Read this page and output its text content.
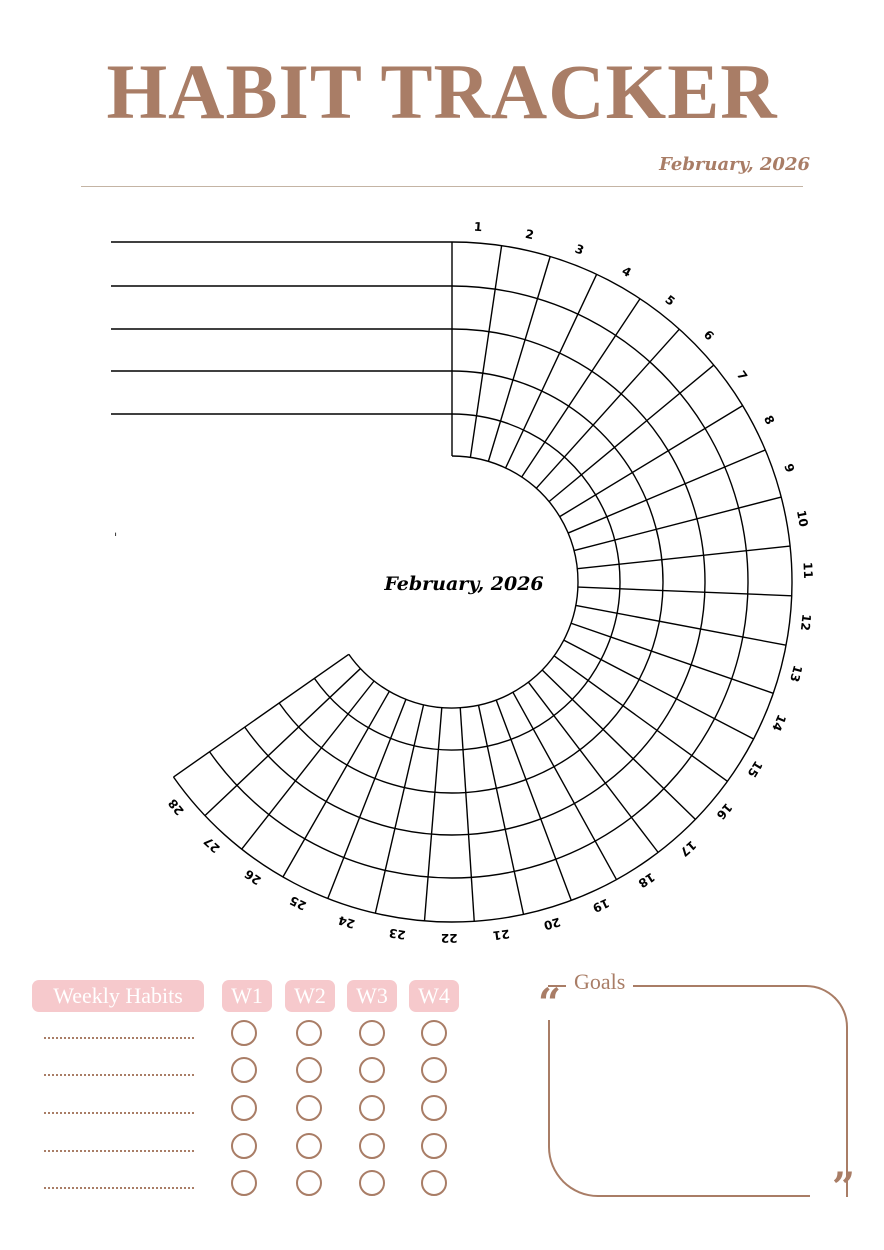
HABIT TRACKER
February, 2026
1	2
3
4
5
6
7
8
9
10
11
12
13
14
15
16
17
18
19
20
21
22
23
24
25
26
27
28
February, 2026
ˌ
Weekly Habits	W1	W2	W3	W4
Goals
“
”
